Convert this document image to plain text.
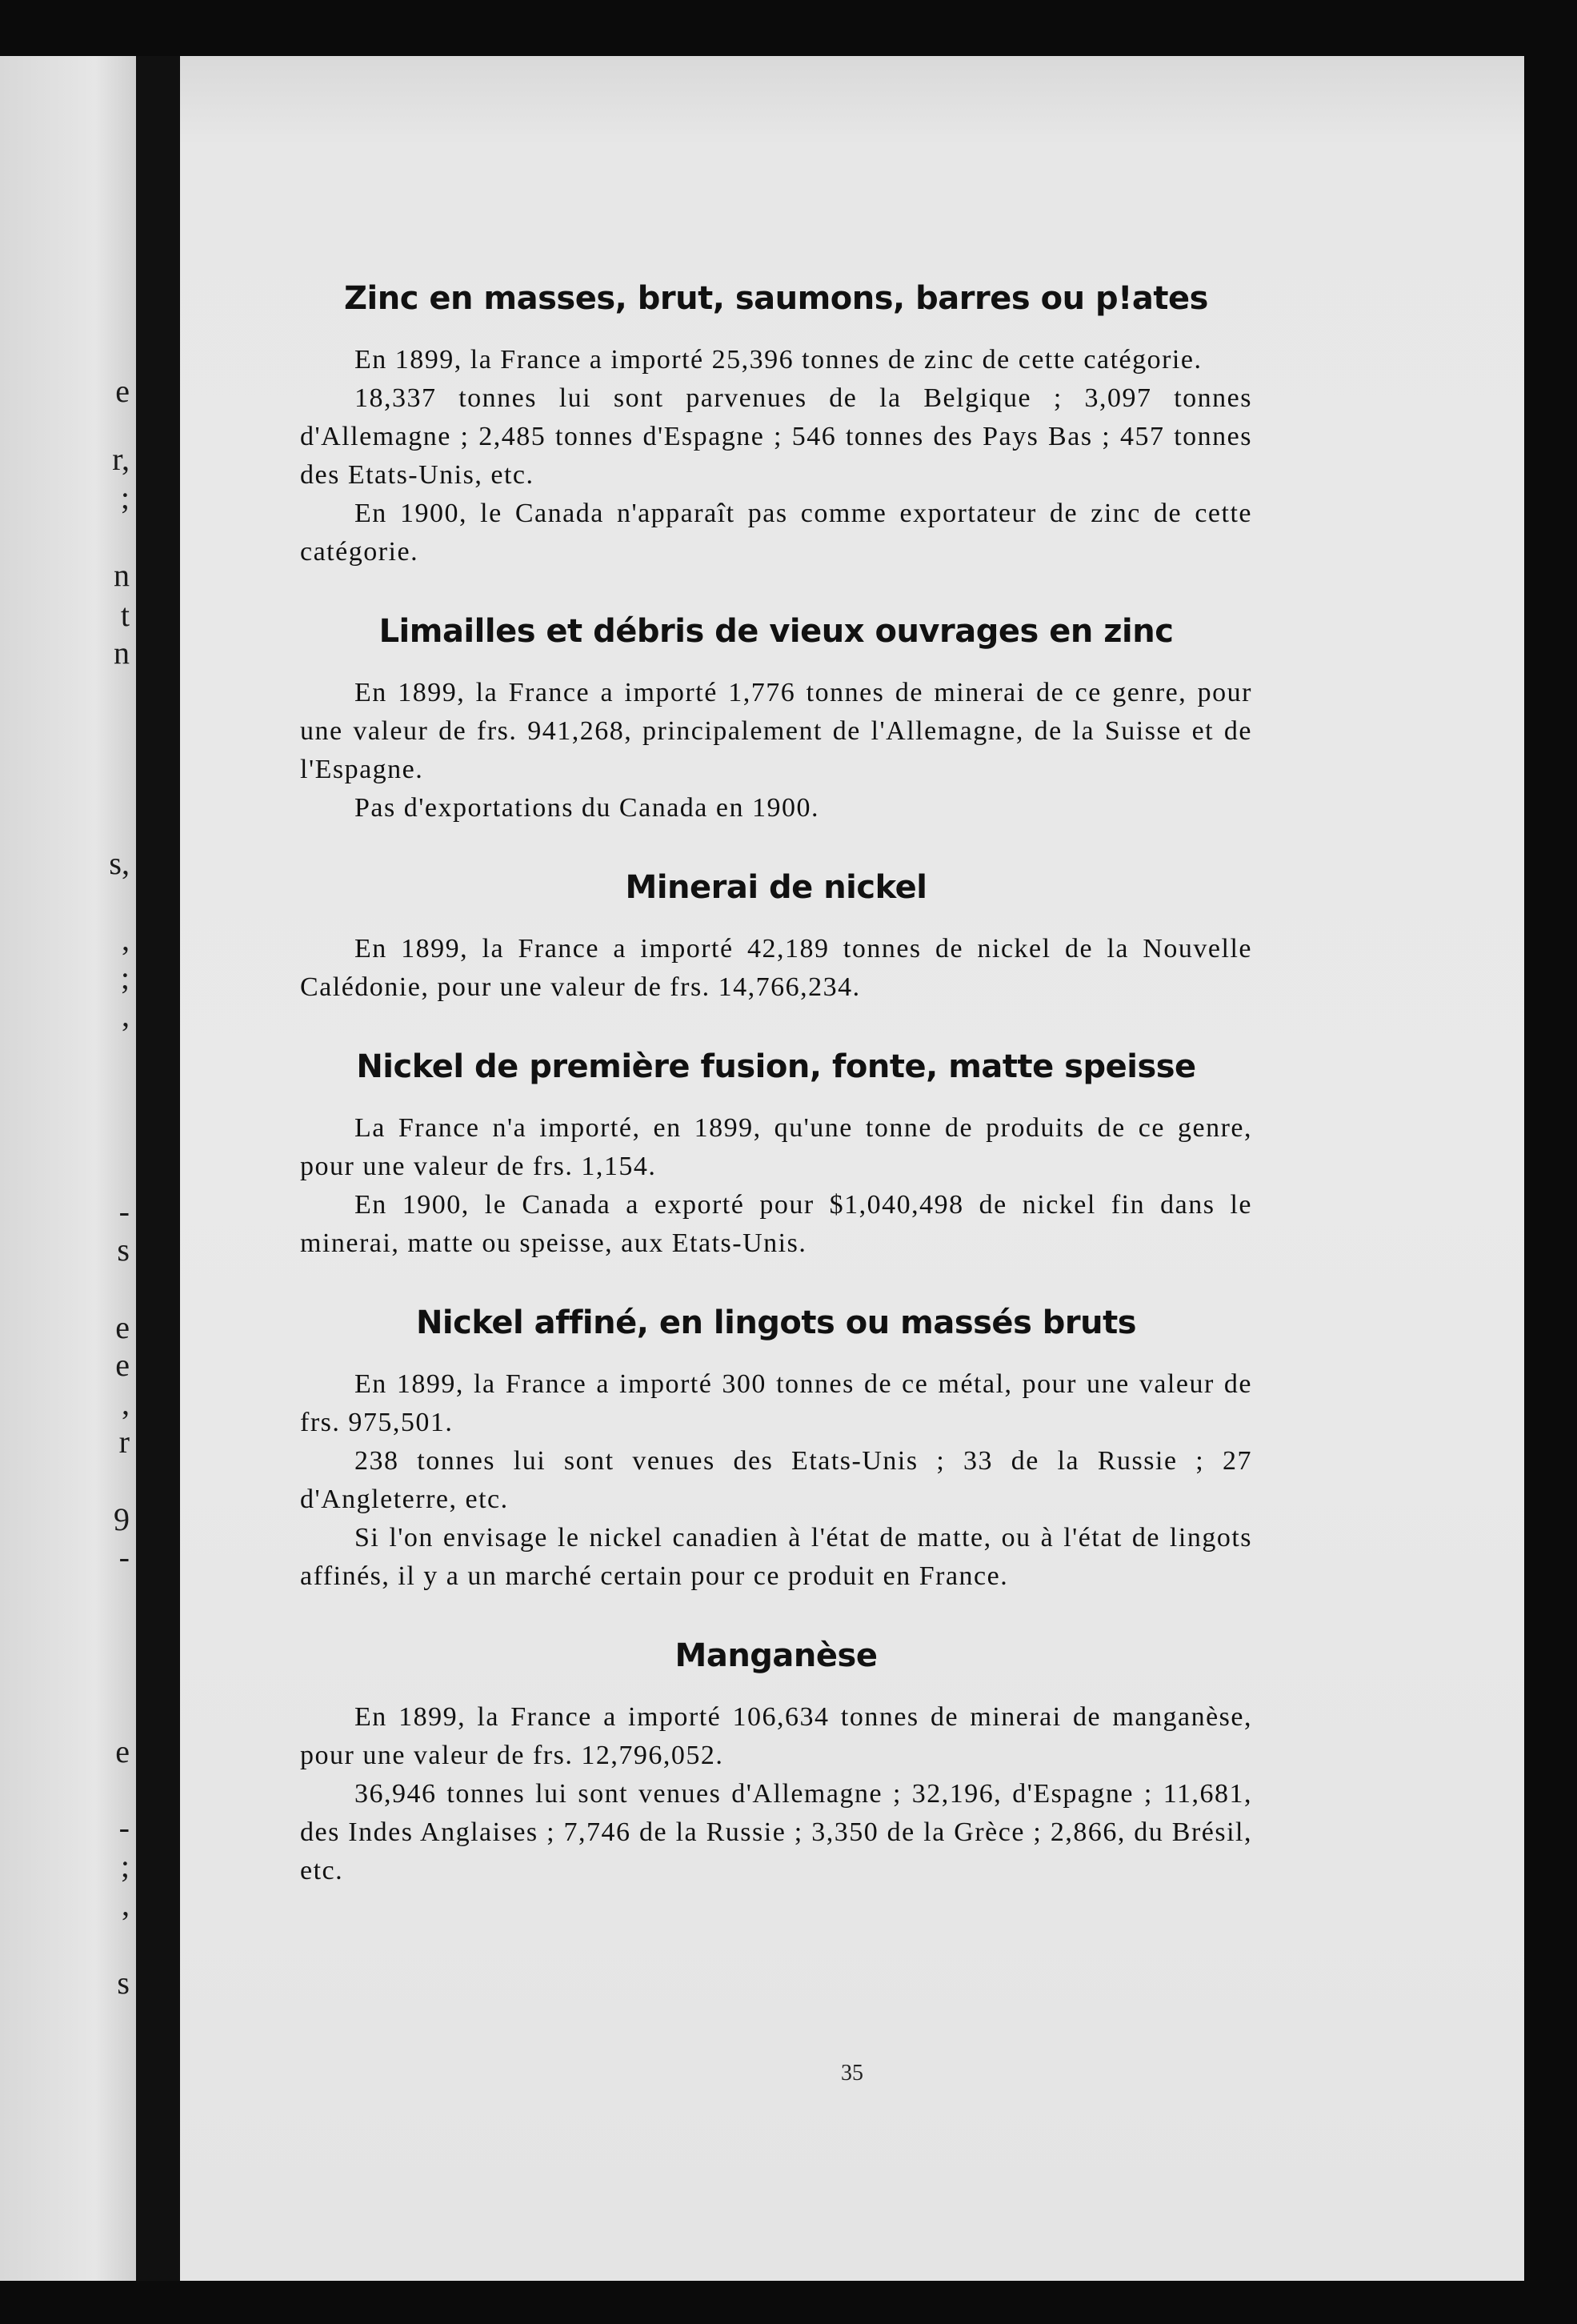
e
r,
;
n
t
n
s,
,
;
,
-
s
e
e
,
r
9
-
e
-
;
,
s
Zinc en masses, brut, saumons, barres ou p!ates

En 1899, la France a importé 25,396 tonnes de zinc de cette catégorie.

18,337 tonnes lui sont parvenues de la Belgique ; 3,097 tonnes d'Allemagne ; 2,485 tonnes d'Espagne ; 546 tonnes des Pays Bas ; 457 tonnes des Etats-Unis, etc.

En 1900, le Canada n'apparaît pas comme exportateur de zinc de cette catégorie.

Limailles et débris de vieux ouvrages en zinc

En 1899, la France a importé 1,776 tonnes de minerai de ce genre, pour une valeur de frs. 941,268, principalement de l'Allemagne, de la Suisse et de l'Espagne.

Pas d'exportations du Canada en 1900.

Minerai de nickel

En 1899, la France a importé 42,189 tonnes de nickel de la Nouvelle Calédonie, pour une valeur de frs. 14,766,234.

Nickel de première fusion, fonte, matte speisse

La France n'a importé, en 1899, qu'une tonne de produits de ce genre, pour une valeur de frs. 1,154.

En 1900, le Canada a exporté pour $1,040,498 de nickel fin dans le minerai, matte ou speisse, aux Etats-Unis.

Nickel affiné, en lingots ou massés bruts

En 1899, la France a importé 300 tonnes de ce métal, pour une valeur de frs. 975,501.

238 tonnes lui sont venues des Etats-Unis ; 33 de la Russie ; 27 d'Angleterre, etc.

Si l'on envisage le nickel canadien à l'état de matte, ou à l'état de lingots affinés, il y a un marché certain pour ce produit en France.

Manganèse

En 1899, la France a importé 106,634 tonnes de minerai de manganèse, pour une valeur de frs. 12,796,052.

36,946 tonnes lui sont venues d'Allemagne ; 32,196, d'Espagne ; 11,681, des Indes Anglaises ; 7,746 de la Russie ; 3,350 de la Grèce ; 2,866, du Brésil, etc.

35
